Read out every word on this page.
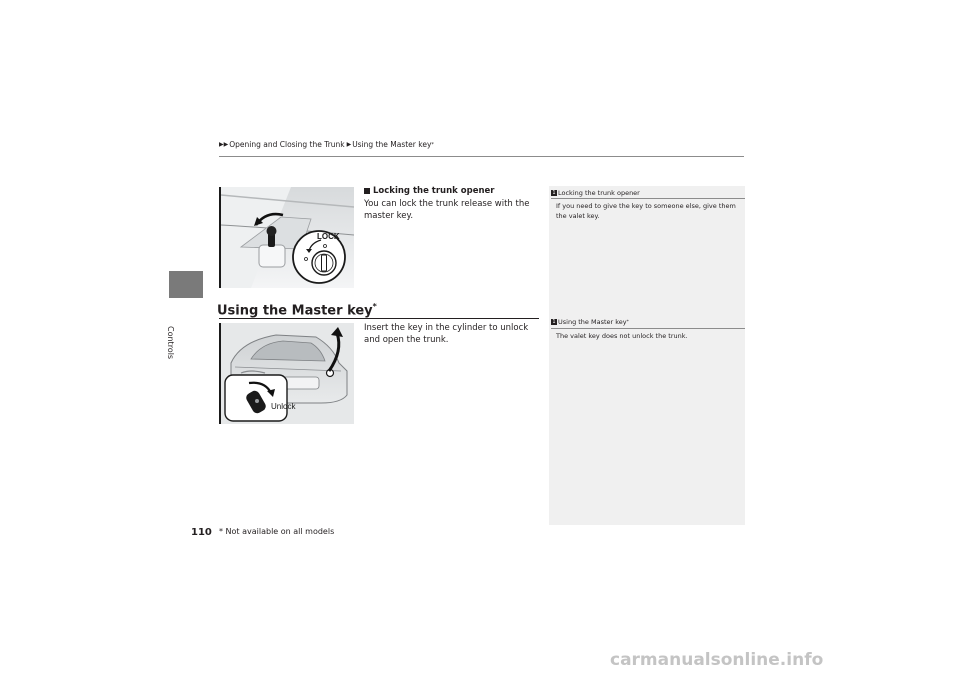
▶▶ Opening and Closing the Trunk ▶ Using the Master key *
Controls
LOCK
Locking the trunk opener
You can lock the trunk release with the master key.
Using the Master key*
Unlock
Insert the key in the cylinder to unlock and open the trunk.
1 Locking the trunk opener
If you need to give the key to someone else, give them the valet key.
1 Using the Master key *
The valet key does not unlock the trunk.
110 * Not available on all models
carmanualsonline.info
